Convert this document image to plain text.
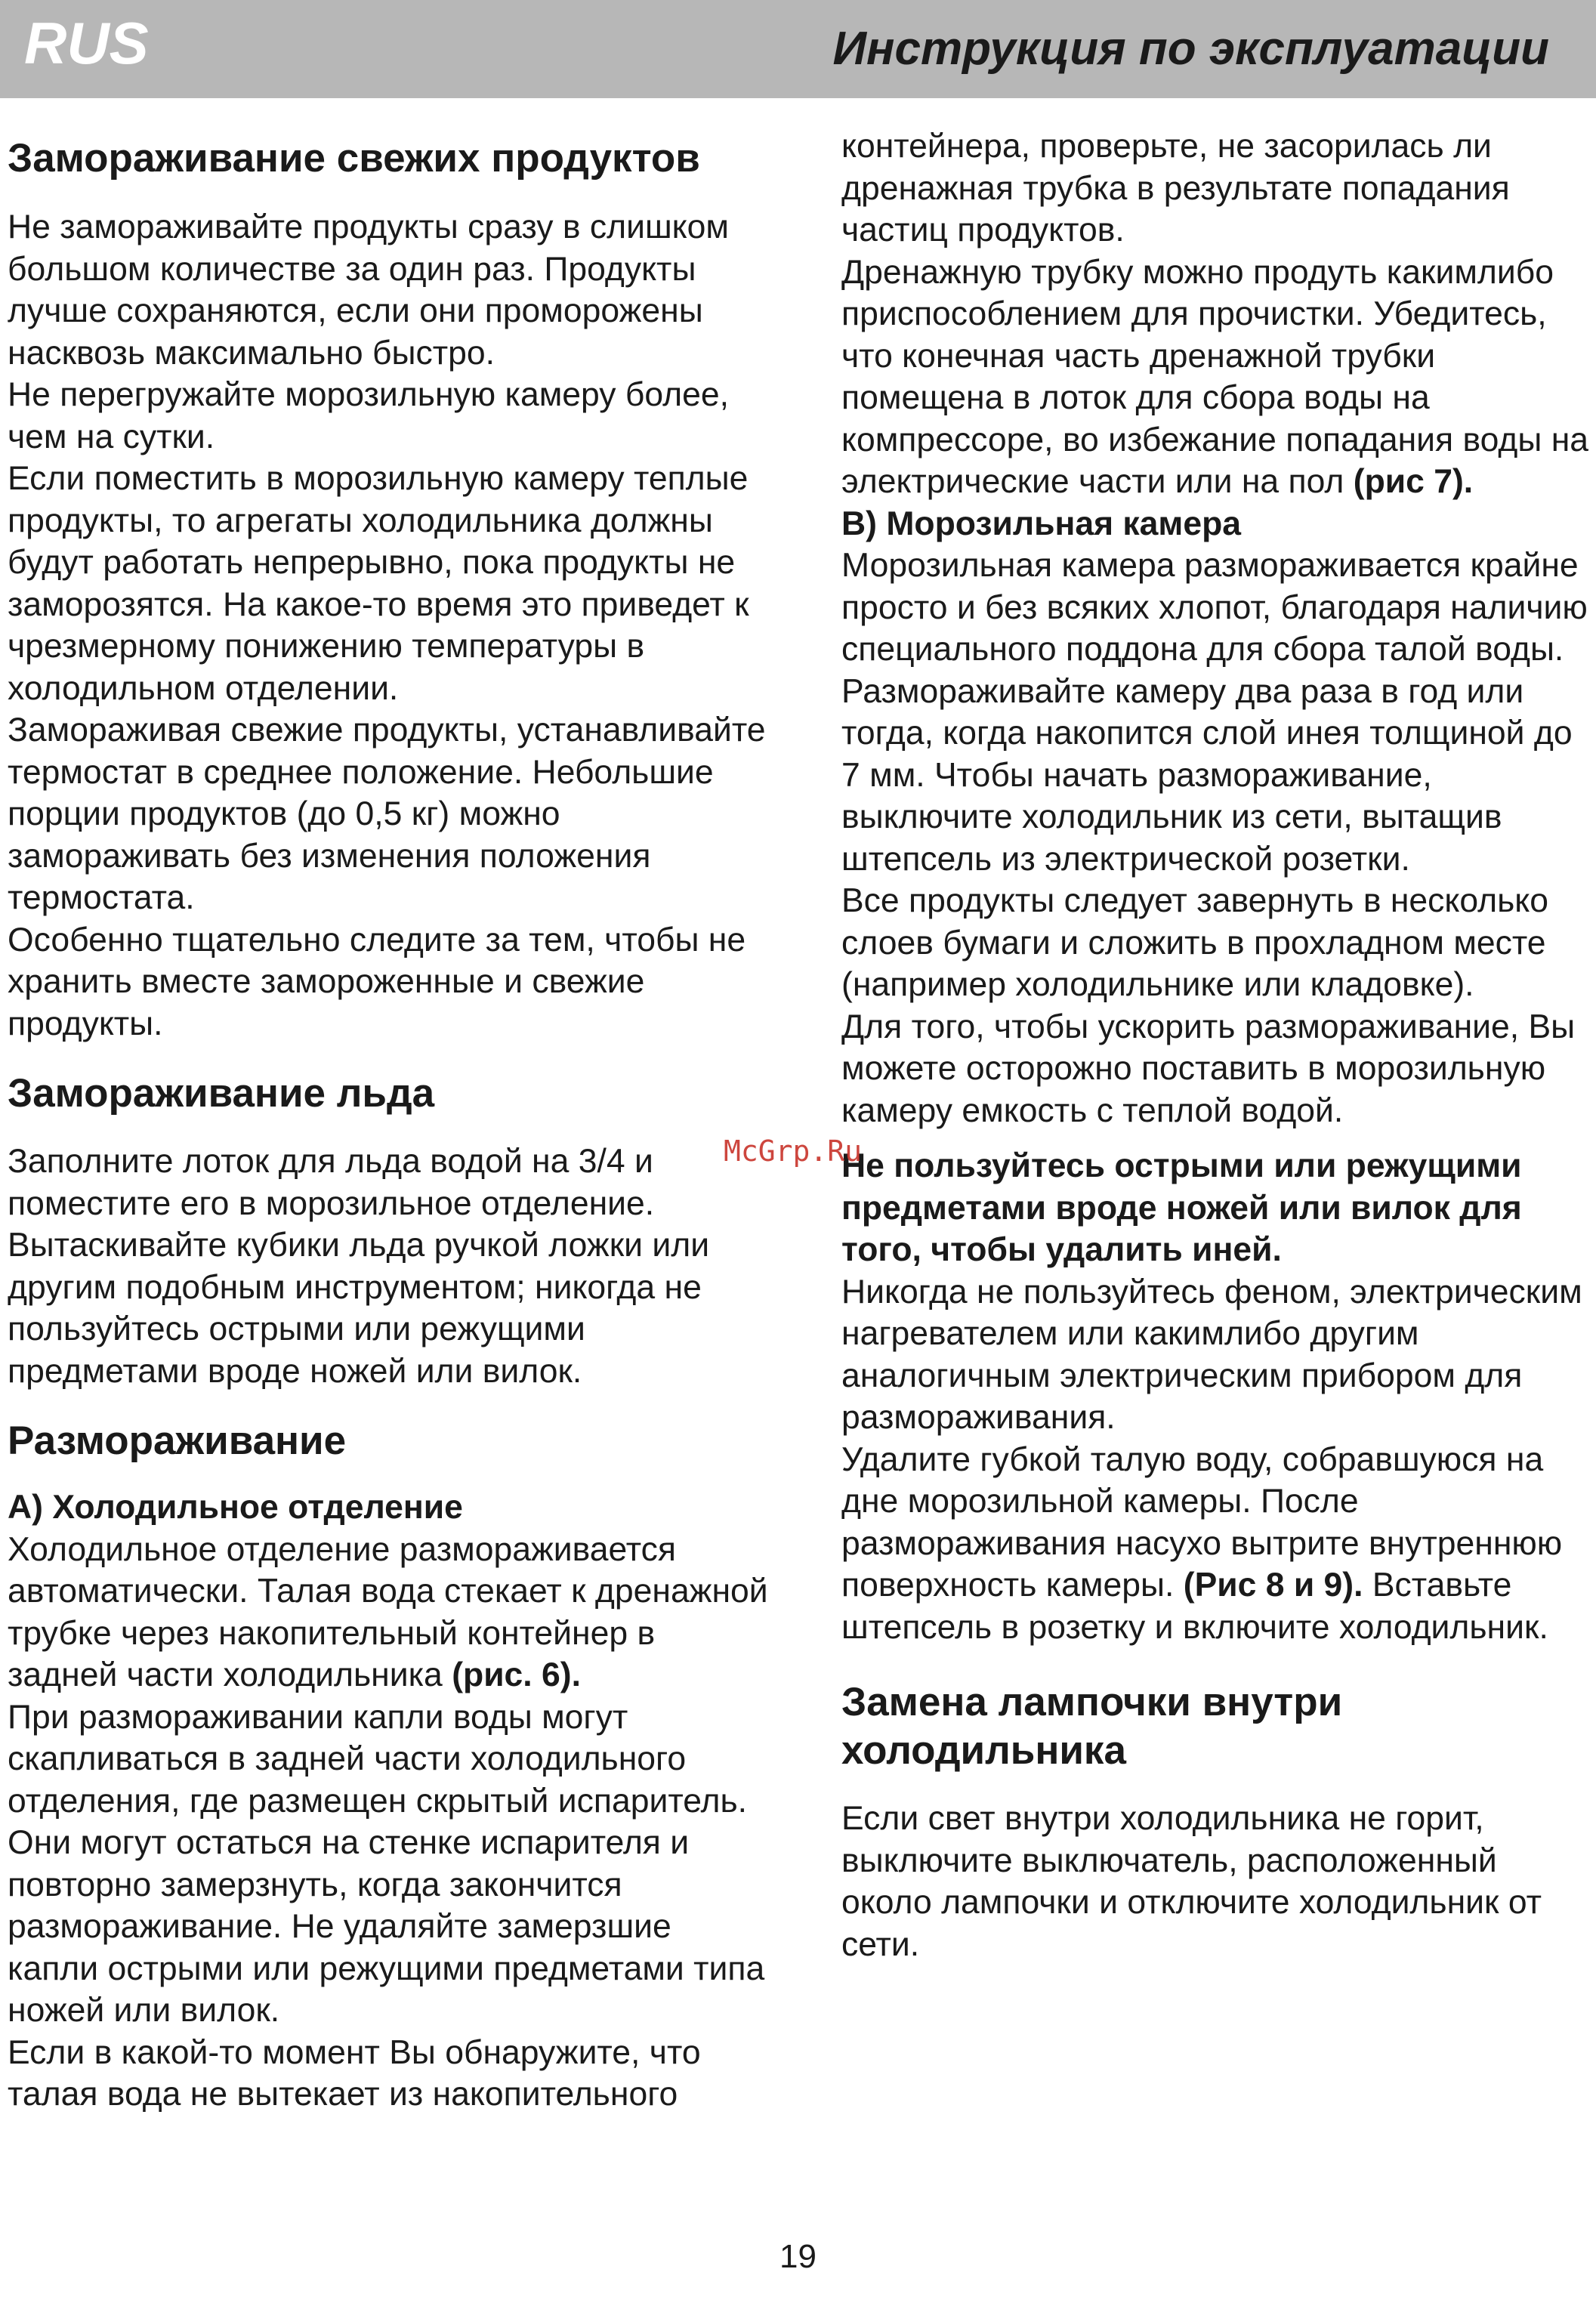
RUS	Инструкция по эксплуатации
Замораживание свежих продуктов

Не замораживайте продукты сразу в слишком большом количестве за один раз. Продукты лучше сохраняются, если они проморожены насквозь максимально быстро.

Не перегружайте морозильную камеру более, чем на сутки.

Если поместить в морозильную камеру теплые продукты, то агрегаты холодильника должны будут работать непрерывно, пока продукты не заморозятся. На какое-то время это приведет к чрезмерному понижению температуры в холодильном отделении.

Замораживая свежие продукты, устанавливайте термостат в среднее положение. Небольшие порции продуктов (до 0,5 кг) можно замораживать без изменения положения термостата.

Особенно тщательно следите за тем, чтобы не хранить вместе замороженные и свежие продукты.

Замораживание льда

Заполните лоток для льда водой на 3/4 и поместите его в морозильное отделение. Вытаскивайте кубики льда ручкой ложки или другим подобным инструментом; никогда не пользуйтесь острыми или режущими предметами вроде ножей или вилок.

Размораживание
А) Холодильное отделение

Холодильное отделение размораживается автоматически. Талая вода стекает к дренажной трубке через накопительный контейнер в задней части холодильника (рис. 6).

При размораживании капли воды могут скапливаться в задней части холодильного отделения, где размещен скрытый испаритель. Они могут остаться на стенке испарителя и повторно замерзнуть, когда закончится размораживание. Не удаляйте замерзшие капли острыми или режущими предметами типа ножей или вилок.

Если в какой-то момент Вы обнаружите, что талая вода не вытекает из накопительного

контейнера, проверьте, не засорилась ли дренажная трубка в результате попадания частиц продуктов.

Дренажную трубку можно продуть какимлибо приспособлением для прочистки. Убедитесь, что конечная часть дренажной трубки помещена в лоток для сбора воды на компрессоре, во избежание попадания воды на электрические части или на пол (рис 7).

В) Морозильная камера

Морозильная камера размораживается крайне просто и без всяких хлопот, благодаря наличию специального поддона для сбора талой воды.

Размораживайте камеру два раза в год или тогда, когда накопится слой инея толщиной до 7 мм. Чтобы начать размораживание, выключите холодильник из сети, вытащив штепсель из электрической розетки.

Все продукты следует завернуть в несколько слоев бумаги и сложить в прохладном месте (например холодильнике или кладовке).

Для того, чтобы ускорить размораживание, Вы можете осторожно поставить в морозильную камеру емкость с теплой водой.

Не пользуйтесь острыми или режущими предметами вроде ножей или вилок для того, чтобы удалить иней.

Никогда не пользуйтесь феном, электрическим нагревателем или какимлибо другим аналогичным электрическим прибором для размораживания.

Удалите губкой талую воду, собравшуюся на дне морозильной камеры. После размораживания насухо вытрите внутреннюю поверхность камеры. (Рис 8 и 9). Вставьте штепсель в розетку и включите холодильник.

Замена лампочки внутри холодильника

Если свет внутри холодильника не горит, выключите выключатель, расположенный около лампочки и отключите холодильник от сети.

McGrp.Ru
19
